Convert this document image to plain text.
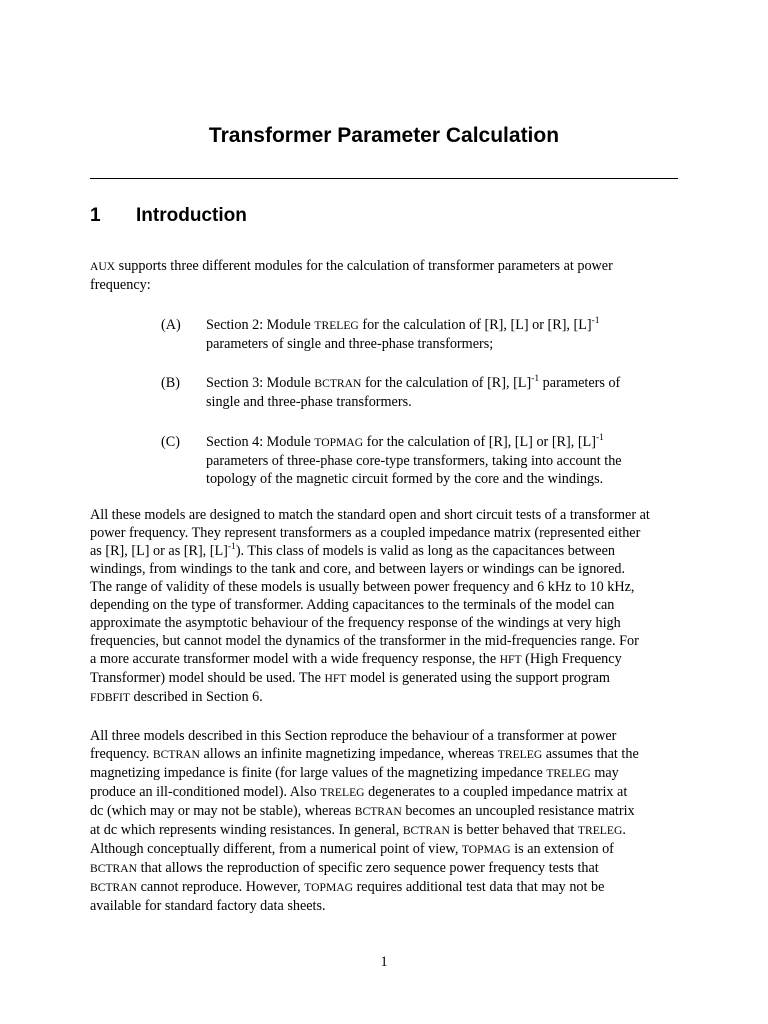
Transformer Parameter Calculation
1 Introduction
AUX supports three different modules for the calculation of transformer parameters at power
frequency:
(A) Section 2: Module TRELEG for the calculation of [R], [L] or [R], $[L]^{-1}$
parameters of single and three-phase transformers;
(B) Section 3: Module BCTRAN for the calculation of [R], $[L]^{-1}$ parameters of
single and three-phase transformers.
(C) Section 4: Module TOPMAG for the calculation of [R], [L] or [R], $[L]^{-1}$
parameters of three-phase core-type transformers, taking into account the
topology of the magnetic circuit formed by the core and the windings.
All these models are designed to match the standard open and short circuit tests of a transformer at
power frequency. They represent transformers as a coupled impedance matrix (represented either
as [R], [L] or as [R], $[L]^{-1}$). This class of models is valid as long as the capacitances between
windings, from windings to the tank and core, and between layers or windings can be ignored.
The range of validity of these models is usually between power frequency and 6 kHz to 10 kHz,
depending on the type of transformer. Adding capacitances to the terminals of the model can
approximate the asymptotic behaviour of the frequency response of the windings at very high
frequencies, but cannot model the dynamics of the transformer in the mid-frequencies range. For
a more accurate transformer model with a wide frequency response, the HFT (High Frequency
Transformer) model should be used. The HFT model is generated using the support program
FDBFIT described in Section 6.
All three models described in this Section reproduce the behaviour of a transformer at power
frequency. BCTRAN allows an infinite magnetizing impedance, whereas TRELEG assumes that the
magnetizing impedance is finite (for large values of the magnetizing impedance TRELEG may
produce an ill-conditioned model). Also TRELEG degenerates to a coupled impedance matrix at
dc (which may or may not be stable), whereas BCTRAN becomes an uncoupled resistance matrix
at dc which represents winding resistances. In general, BCTRAN is better behaved that TRELEG.
Although conceptually different, from a numerical point of view, TOPMAG is an extension of
BCTRAN that allows the reproduction of specific zero sequence power frequency tests that
BCTRAN cannot reproduce. However, TOPMAG requires additional test data that may not be
available for standard factory data sheets.
1
